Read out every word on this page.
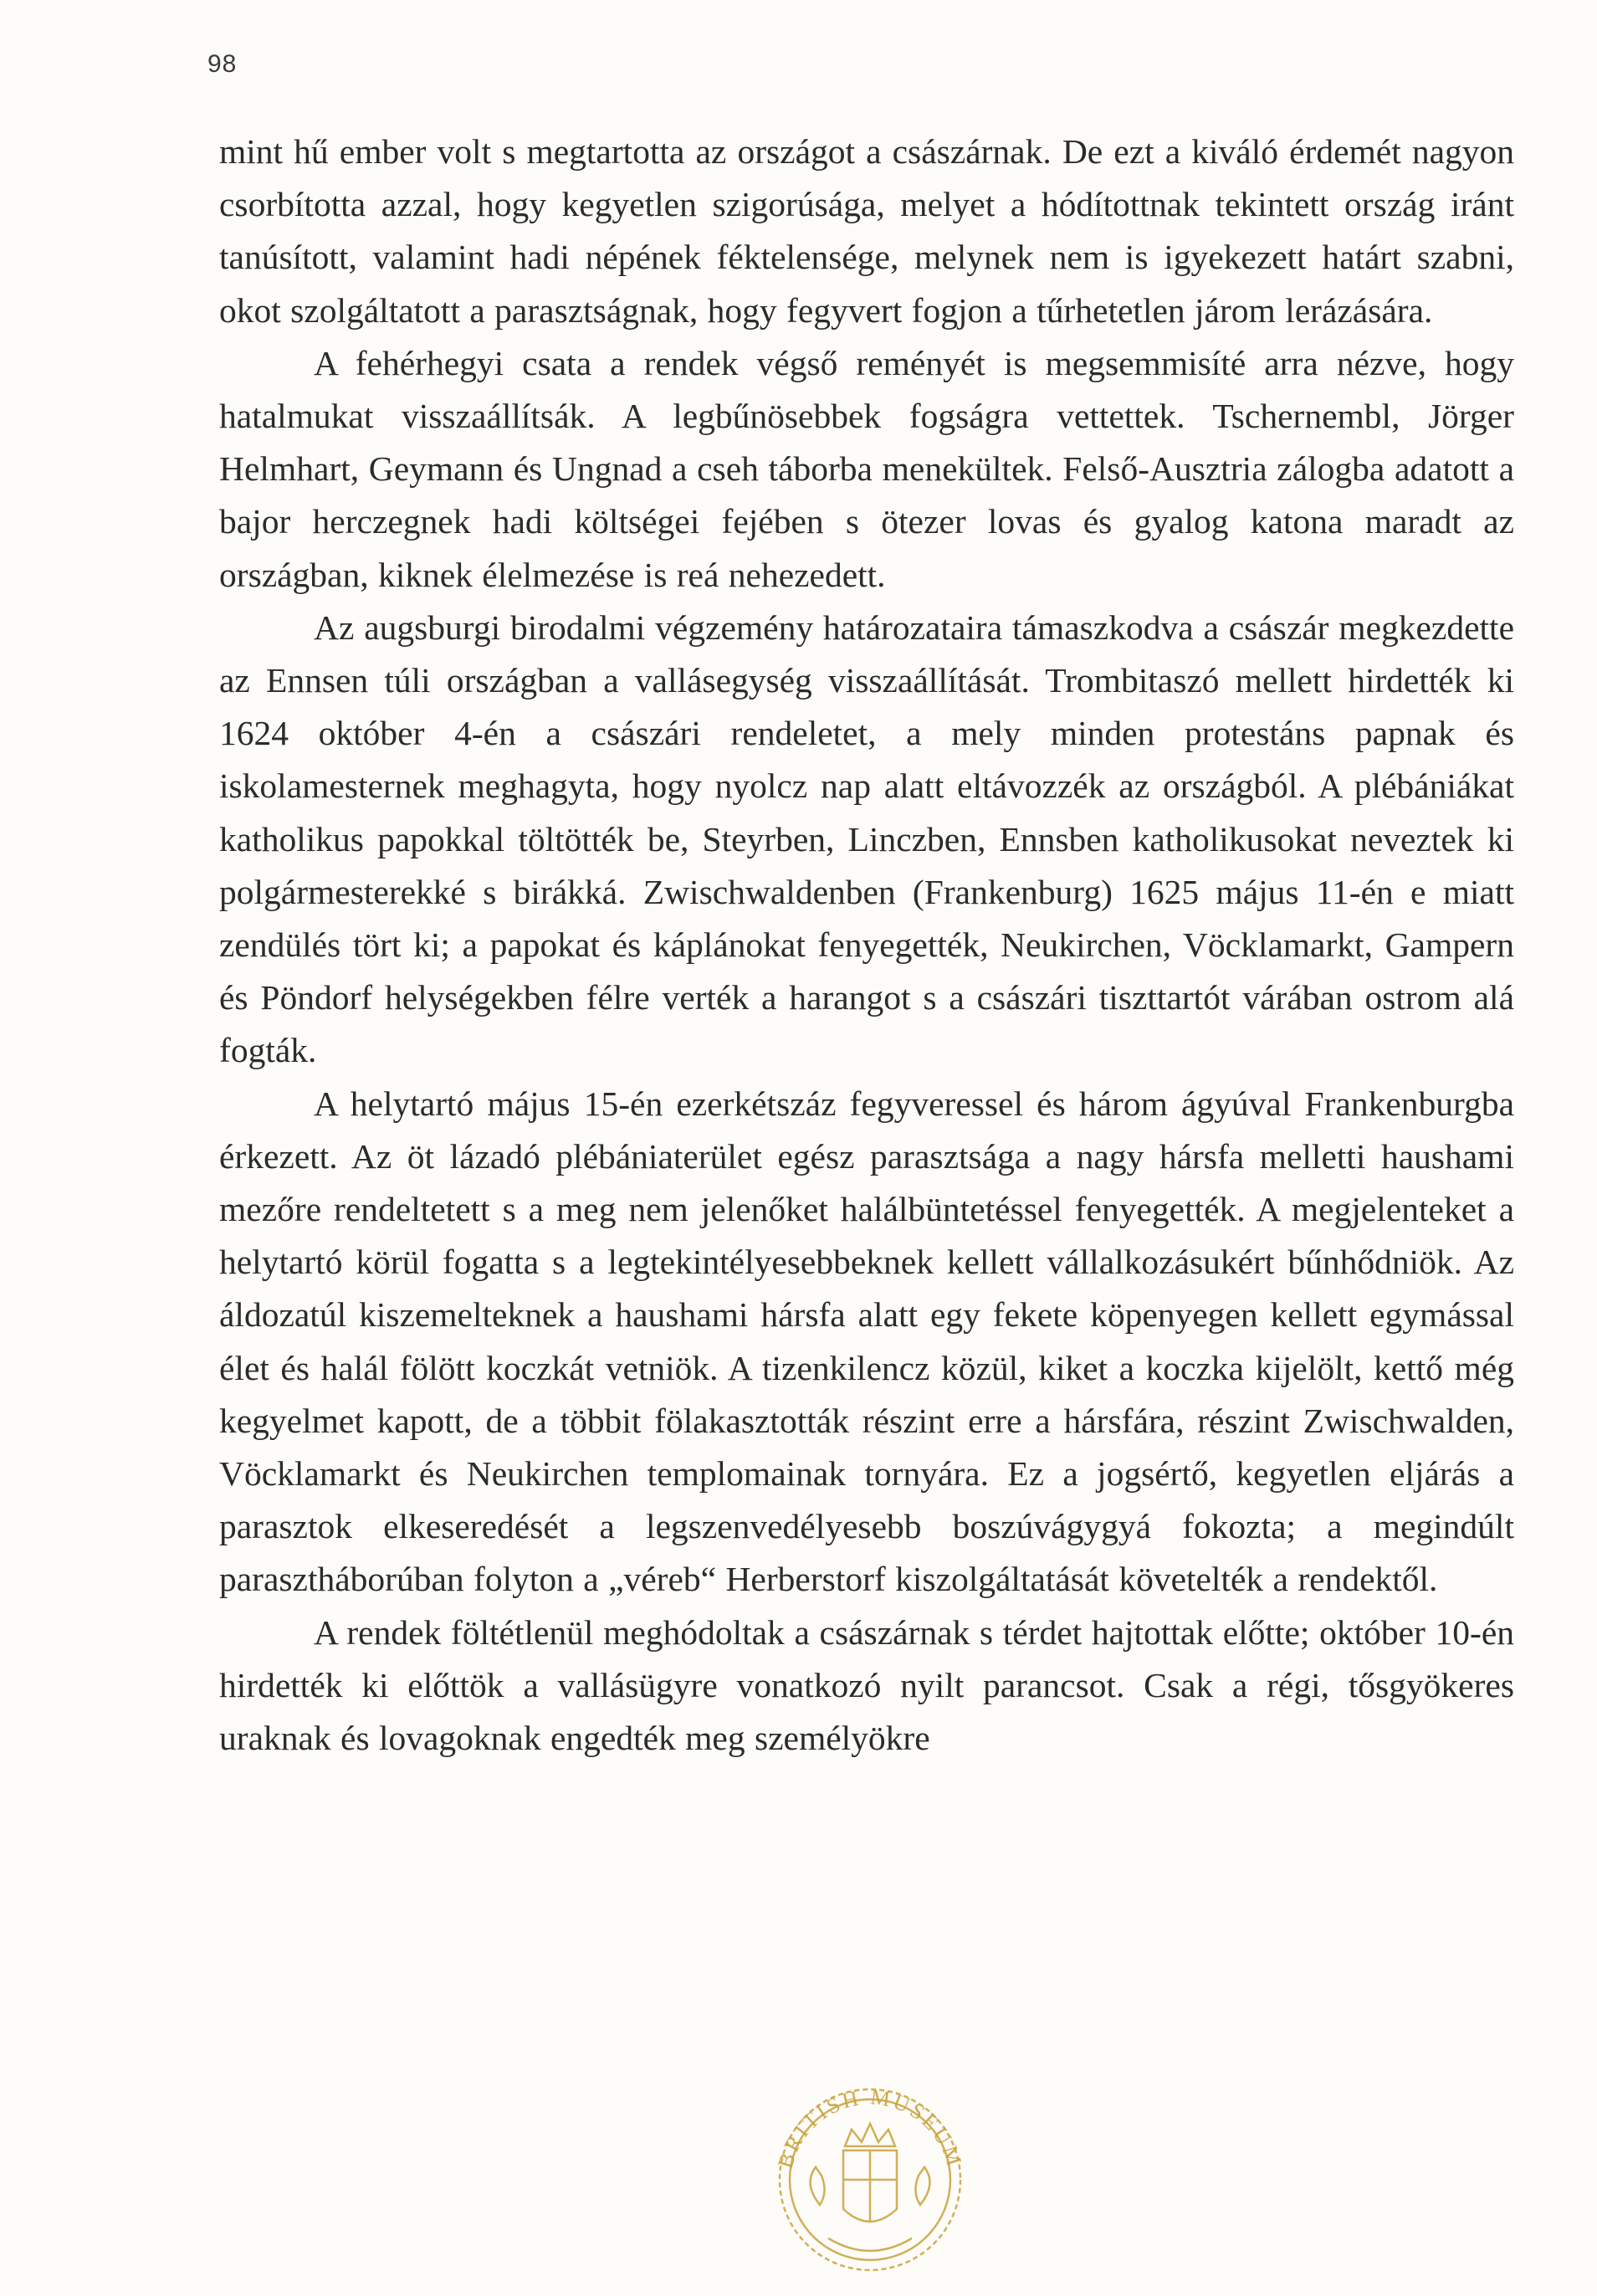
98

mint hű ember volt s megtartotta az országot a császárnak. De ezt a kiváló érdemét nagyon csorbította azzal, hogy kegyetlen szigorúsága, melyet a hódítottnak tekintett ország iránt tanúsított, valamint hadi népének féktelensége, melynek nem is igyekezett határt szabni, okot szolgáltatott a parasztságnak, hogy fegyvert fogjon a tűrhetetlen járom lerázására.

A fehérhegyi csata a rendek végső reményét is megsemmisíté arra nézve, hogy hatalmukat visszaállítsák. A legbűnösebbek fogságra vettettek. Tschernembl, Jörger Helmhart, Geymann és Ungnad a cseh táborba menekültek. Felső-Ausztria zálogba adatott a bajor herczegnek hadi költségei fejében s ötezer lovas és gyalog katona maradt az országban, kiknek élelmezése is reá nehezedett.

Az augsburgi birodalmi végzemény határozataira támaszkodva a császár megkezdette az Ennsen túli országban a vallásegység visszaállítását. Trombitaszó mellett hirdették ki 1624 október 4-én a császári rendeletet, a mely minden protestáns papnak és iskolamesternek meghagyta, hogy nyolcz nap alatt eltávozzék az országból. A plébániákat katholikus papokkal töltötték be, Steyrben, Linczben, Ennsben katholikusokat neveztek ki polgármesterekké s birákká. Zwischwaldenben (Frankenburg) 1625 május 11-én e miatt zendülés tört ki; a papokat és káplánokat fenyegették, Neukirchen, Vöcklamarkt, Gampern és Pöndorf helységekben félre verték a harangot s a császári tiszttartót várában ostrom alá fogták.

A helytartó május 15-én ezerkétszáz fegyveressel és három ágyúval Frankenburgba érkezett. Az öt lázadó plébániaterület egész parasztsága a nagy hársfa melletti haushami mezőre rendeltetett s a meg nem jelenőket halálbüntetéssel fenyegették. A megjelenteket a helytartó körül fogatta s a legtekintélyesebbeknek kellett vállalkozásukért bűnhődniök. Az áldozatúl kiszemelteknek a haushami hársfa alatt egy fekete köpenyegen kellett egymással élet és halál fölött koczkát vetniök. A tizenkilencz közül, kiket a koczka kijelölt, kettő még kegyelmet kapott, de a többit fölakasztották részint erre a hársfára, részint Zwischwalden, Vöcklamarkt és Neukirchen templomainak tornyára. Ez a jogsértő, kegyetlen eljárás a parasztok elkeseredését a legszenvedélyesebb boszúvágygyá fokozta; a megindúlt parasztháborúban folyton a „véreb“ Herberstorf kiszolgáltatását követelték a rendektől.

A rendek föltétlenül meghódoltak a császárnak s térdet hajtottak előtte; október 10-én hirdették ki előttök a vallásügyre vonatkozó nyilt parancsot. Csak a régi, tősgyökeres uraknak és lovagoknak engedték meg személyökre

BRITISH MUSEUM
